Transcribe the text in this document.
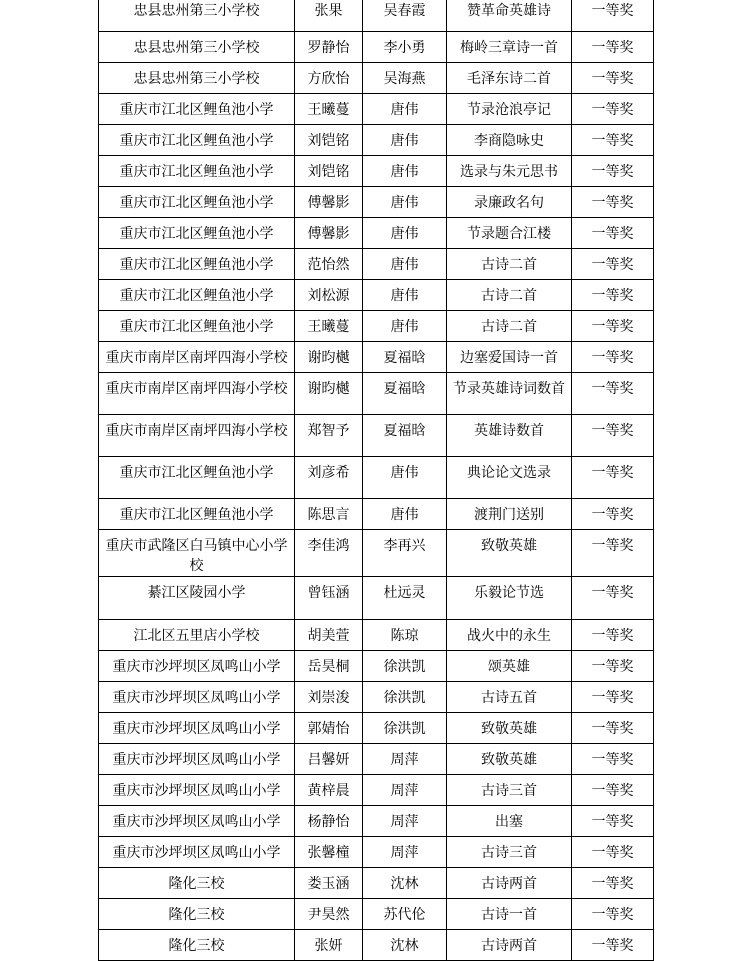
忠县忠州第三小学校	张果	吴春霞	赞革命英雄诗	一等奖

忠县忠州第三小学校	罗静怡	李小勇	梅岭三章诗一首	一等奖

忠县忠州第三小学校	方欣怡	吴海燕	毛泽东诗二首	一等奖

重庆市江北区鲤鱼池小学	王曦蔓	唐伟	节录沧浪亭记	一等奖

重庆市江北区鲤鱼池小学	刘铠铭	唐伟	李商隐咏史	一等奖

重庆市江北区鲤鱼池小学	刘铠铭	唐伟	选录与朱元思书	一等奖

重庆市江北区鲤鱼池小学	傅馨影	唐伟	录廉政名句	一等奖

重庆市江北区鲤鱼池小学	傅馨影	唐伟	节录题合江楼	一等奖

重庆市江北区鲤鱼池小学	范怡然	唐伟	古诗二首	一等奖

重庆市江北区鲤鱼池小学	刘松源	唐伟	古诗二首	一等奖

重庆市江北区鲤鱼池小学	王曦蔓	唐伟	古诗二首	一等奖

重庆市南岸区南坪四海小学校	谢昀樾	夏福晗	边塞爱国诗一首	一等奖

重庆市南岸区南坪四海小学校	谢昀樾	夏福晗	节录英雄诗词数首	一等奖

重庆市南岸区南坪四海小学校	郑智予	夏福晗	英雄诗数首	一等奖

重庆市江北区鲤鱼池小学	刘彦希	唐伟	典论论文选录	一等奖

重庆市江北区鲤鱼池小学	陈思言	唐伟	渡荆门送别	一等奖

重庆市武隆区白马镇中心小学校	李佳鸿	李再兴	致敬英雄	一等奖

綦江区陵园小学	曾钰涵	杜远灵	乐毅论节选	一等奖

江北区五里店小学校	胡美萱	陈琼	战火中的永生	一等奖

重庆市沙坪坝区凤鸣山小学	岳昊桐	徐洪凯	颂英雄	一等奖

重庆市沙坪坝区凤鸣山小学	刘崇浚	徐洪凯	古诗五首	一等奖

重庆市沙坪坝区凤鸣山小学	郭婧怡	徐洪凯	致敬英雄	一等奖

重庆市沙坪坝区凤鸣山小学	吕馨妍	周萍	致敬英雄	一等奖

重庆市沙坪坝区凤鸣山小学	黄梓晨	周萍	古诗三首	一等奖

重庆市沙坪坝区凤鸣山小学	杨静怡	周萍	出塞	一等奖

重庆市沙坪坝区凤鸣山小学	张馨橦	周萍	古诗三首	一等奖

隆化三校	娄玉涵	沈林	古诗两首	一等奖

隆化三校	尹昊然	苏代伦	古诗一首	一等奖

隆化三校	张妍	沈林	古诗两首	一等奖
